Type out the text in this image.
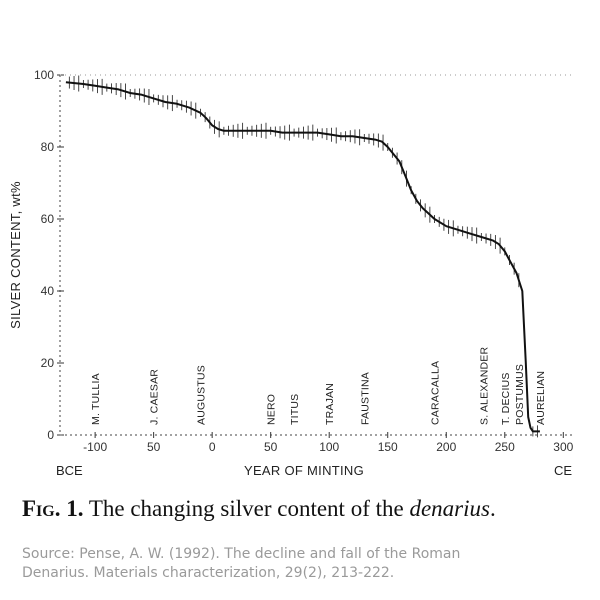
0
20
40
60
80
100
-100	50	0	50	100	150	200	250	300
M. TULLIA	J. CAESAR	AUGUSTUS	NERO TITUS TRAJAN FAUSTINA	CARACALLA	S. ALEXANDER T. DECIUS POSTUMUS AURELIAN
SILVER CONTENT, wt%
YEAR OF MINTING
BCE	CE

Fig. 1. The changing silver content of the denarius.

Source: Pense, A. W. (1992). The decline and fall of the Roman
Denarius. Materials characterization, 29(2), 213-222.
